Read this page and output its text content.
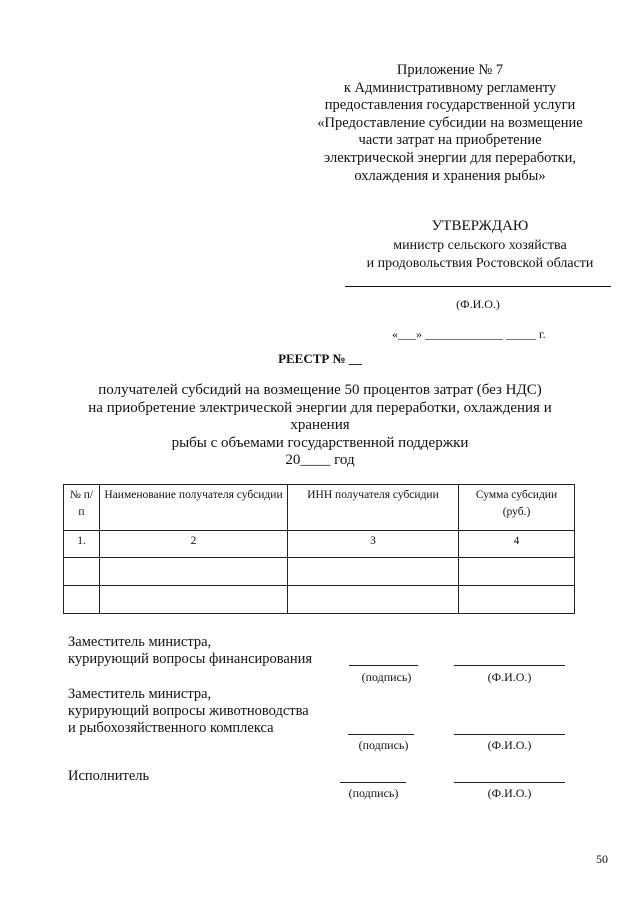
Приложение № 7
к Административному регламенту
предоставления государственной услуги
«Предоставление субсидии на возмещение
части затрат на приобретение
электрической энергии для переработки,
охлаждения и хранения рыбы»
УТВЕРЖДАЮ
министр сельского хозяйства
и продовольствия Ростовской области
(Ф.И.О.)
«___» _____________ _____ г.
РЕЕСТР № __
получателей субсидий на возмещение 50 процентов затрат (без НДС)
на приобретение электрической энергии для переработки, охлаждения и хранения
рыбы с объемами государственной поддержки
20____ год
№ п/п	Наименование получателя субсидии	ИНН получателя субсидии	Сумма субсидии (руб.)
1.	2	3	4

Заместитель министра,
курирующий вопросы финансирования
(подпись)	(Ф.И.О.)
Заместитель министра,
курирующий вопросы животноводства
и рыбохозяйственного комплекса
(подпись)	(Ф.И.О.)
Исполнитель
(подпись)	(Ф.И.О.)
50
